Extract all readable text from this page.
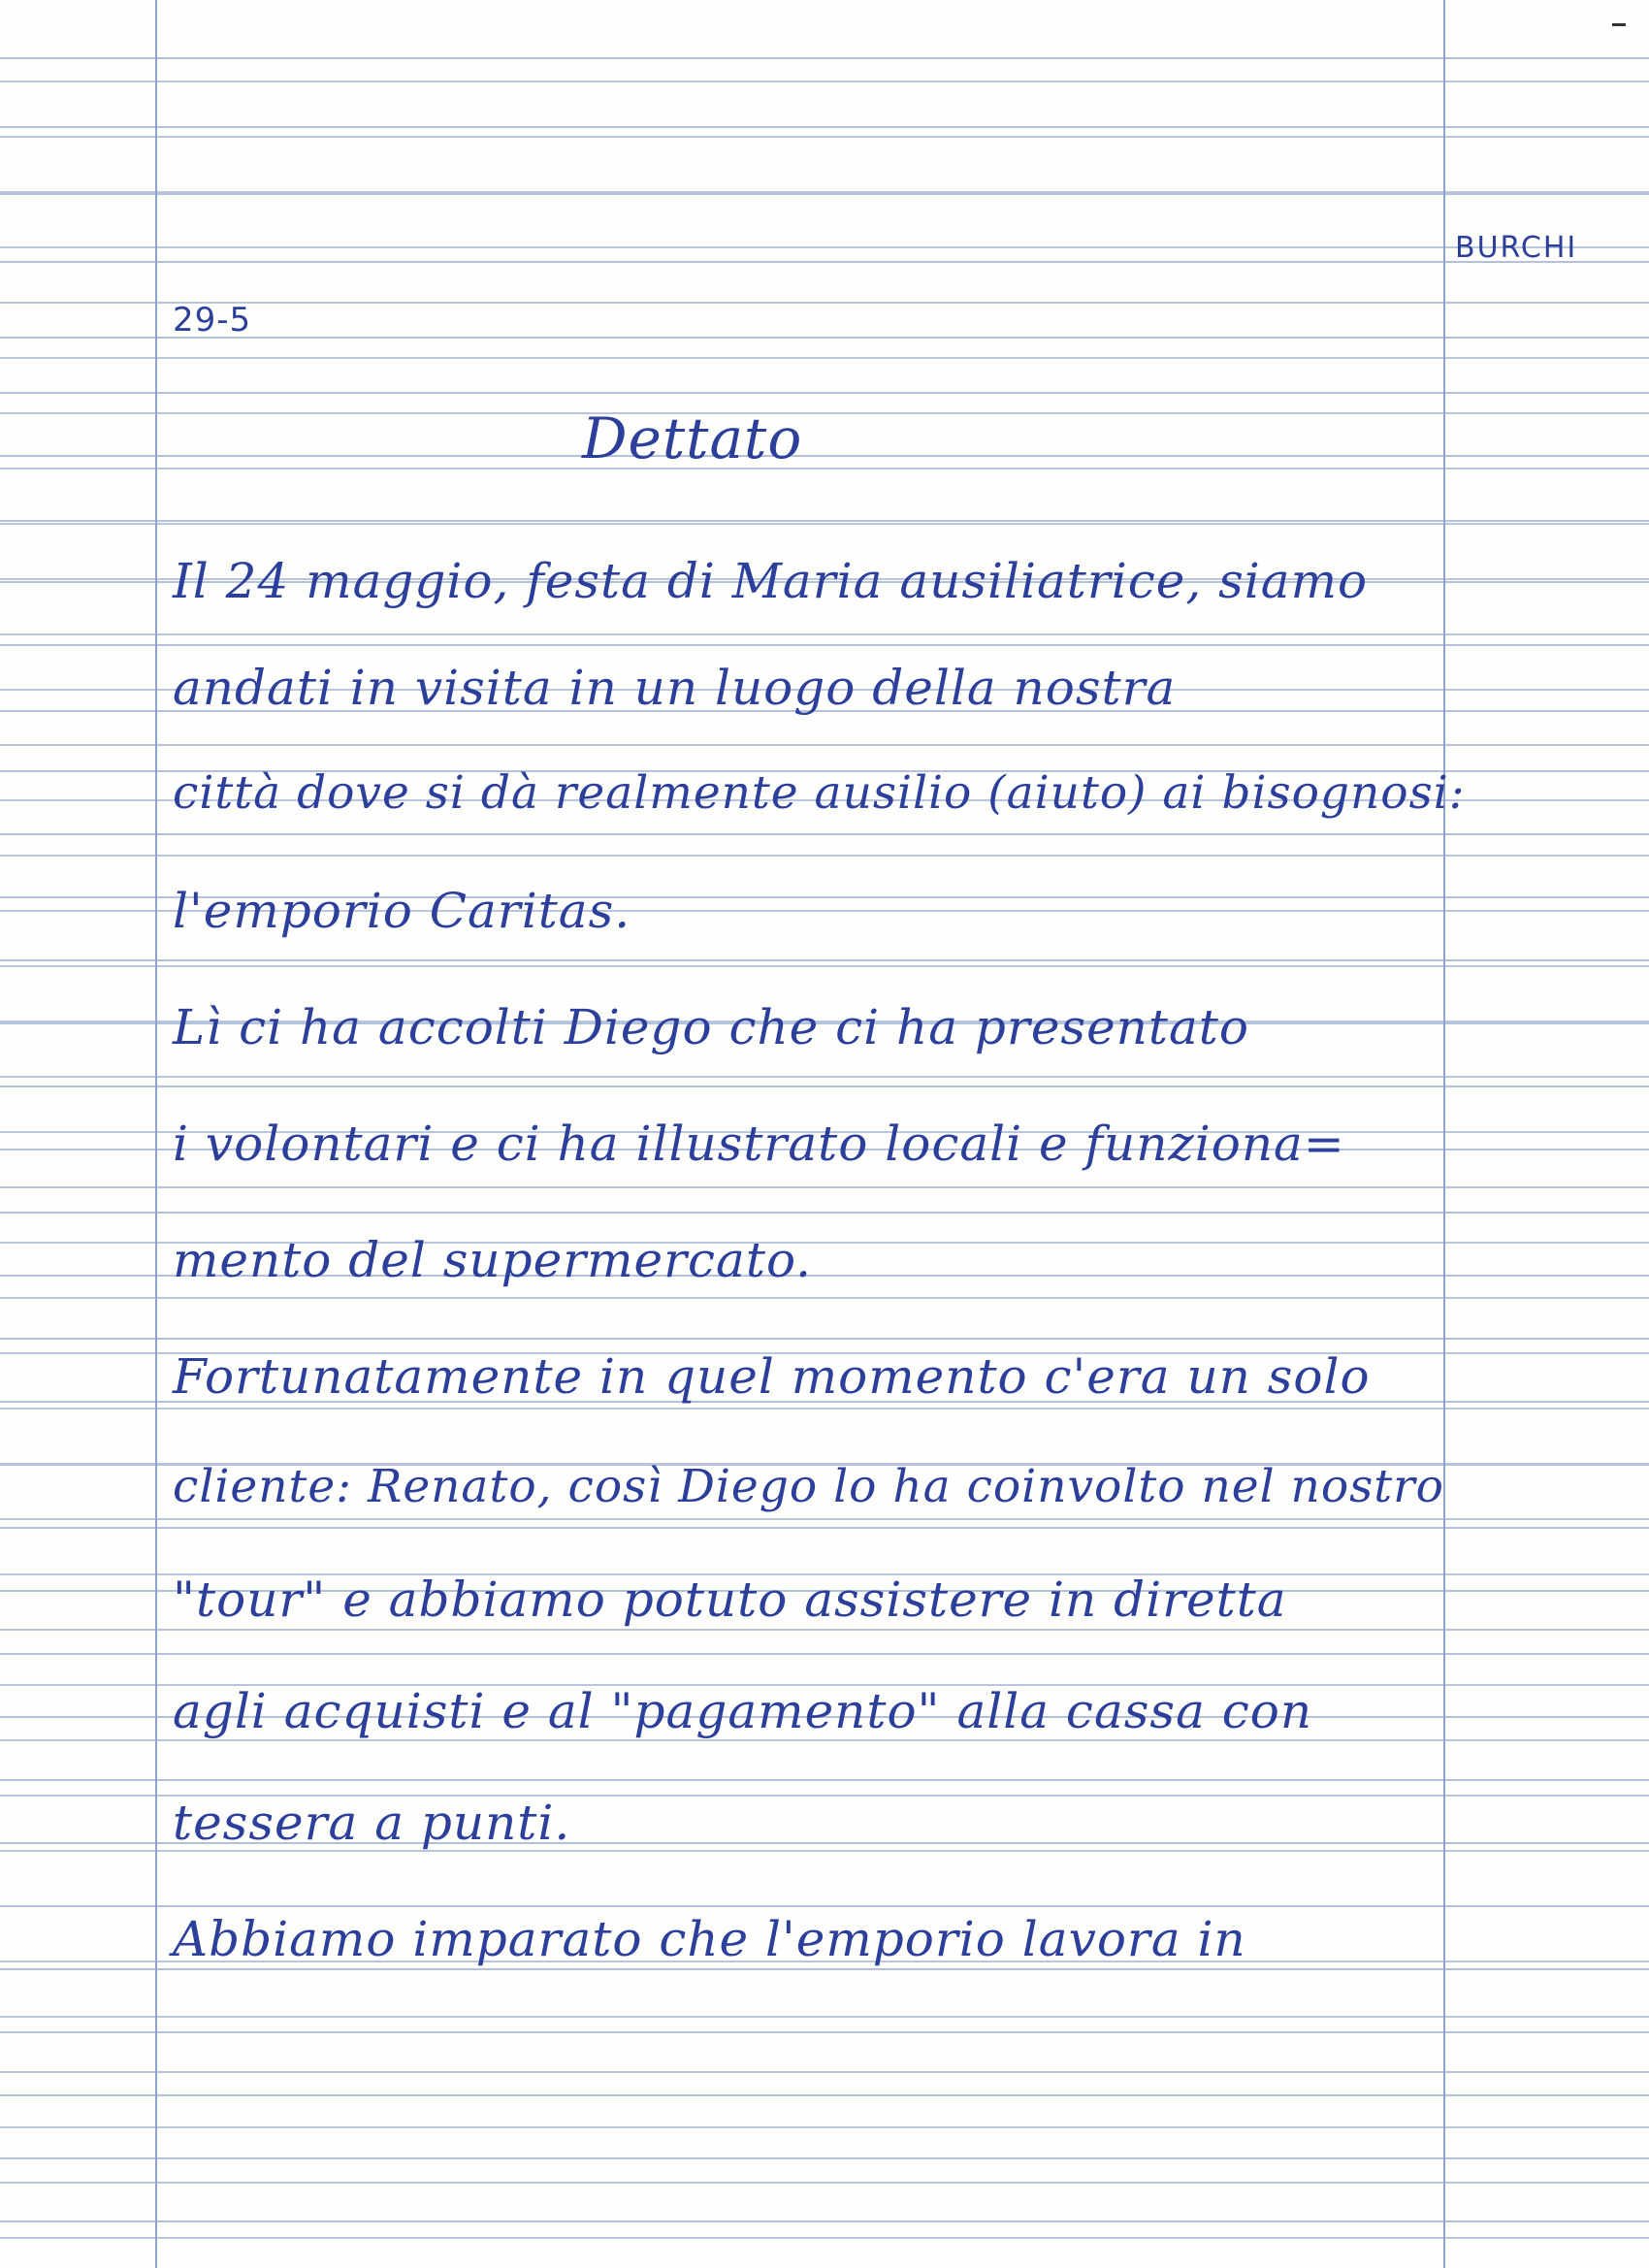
BURCHI
29-5
Dettato
Il 24 maggio, festa di Maria ausiliatrice, siamo
andati in visita in un luogo della nostra
città dove si dà realmente ausilio (aiuto) ai bisognosi:
l'emporio Caritas.
Lì ci ha accolti Diego che ci ha presentato
i volontari e ci ha illustrato locali e funziona=
mento del supermercato.
Fortunatamente in quel momento c'era un solo
cliente: Renato, così Diego lo ha coinvolto nel nostro
"tour" e abbiamo potuto assistere in diretta
agli acquisti e al "pagamento" alla cassa con
tessera a punti.
Abbiamo imparato che l'emporio lavora in
